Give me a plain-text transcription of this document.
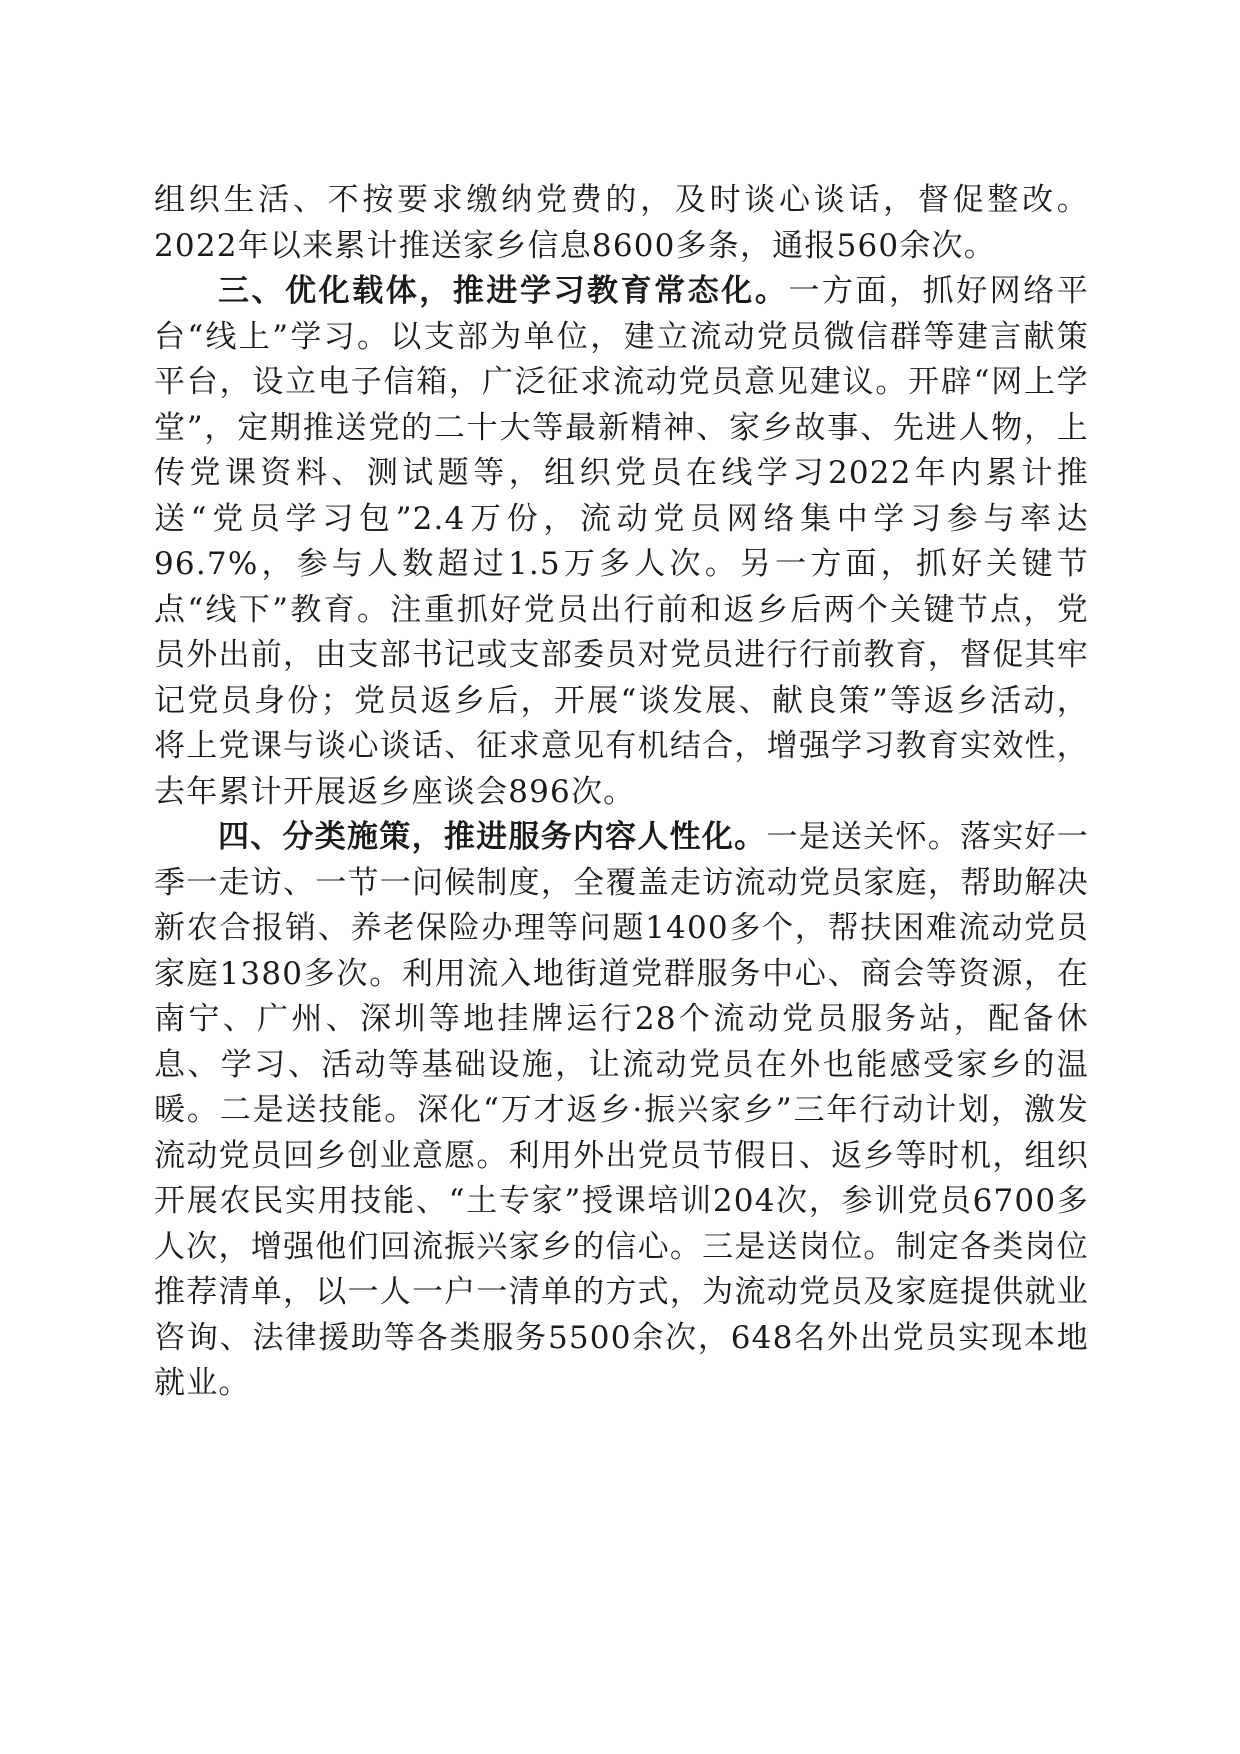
组织生活、不按要求缴纳党费的，及时谈心谈话，督促整改。2022年以来累计推送家乡信息8600多条，通报560余次。

三、优化载体，推进学习教育常态化。一方面，抓好网络平台“线上”学习。以支部为单位，建立流动党员微信群等建言献策平台，设立电子信箱，广泛征求流动党员意见建议。开辟“网上学堂”，定期推送党的二十大等最新精神、家乡故事、先进人物，上传党课资料、测试题等，组织党员在线学习2022年内累计推送“党员学习包”2.4万份，流动党员网络集中学习参与率达96.7%，参与人数超过1.5万多人次。另一方面，抓好关键节点“线下”教育。注重抓好党员出行前和返乡后两个关键节点，党员外出前，由支部书记或支部委员对党员进行行前教育，督促其牢记党员身份；党员返乡后，开展“谈发展、献良策”等返乡活动，将上党课与谈心谈话、征求意见有机结合，增强学习教育实效性，去年累计开展返乡座谈会896次。

四、分类施策，推进服务内容人性化。一是送关怀。落实好一季一走访、一节一问候制度，全覆盖走访流动党员家庭，帮助解决新农合报销、养老保险办理等问题1400多个，帮扶困难流动党员家庭1380多次。利用流入地街道党群服务中心、商会等资源，在南宁、广州、深圳等地挂牌运行28个流动党员服务站，配备休息、学习、活动等基础设施，让流动党员在外也能感受家乡的温暖。二是送技能。深化“万才返乡·振兴家乡”三年行动计划，激发流动党员回乡创业意愿。利用外出党员节假日、返乡等时机，组织开展农民实用技能、“土专家”授课培训204次，参训党员6700多人次，增强他们回流振兴家乡的信心。三是送岗位。制定各类岗位推荐清单，以一人一户一清单的方式，为流动党员及家庭提供就业咨询、法律援助等各类服务5500余次，648名外出党员实现本地就业。
